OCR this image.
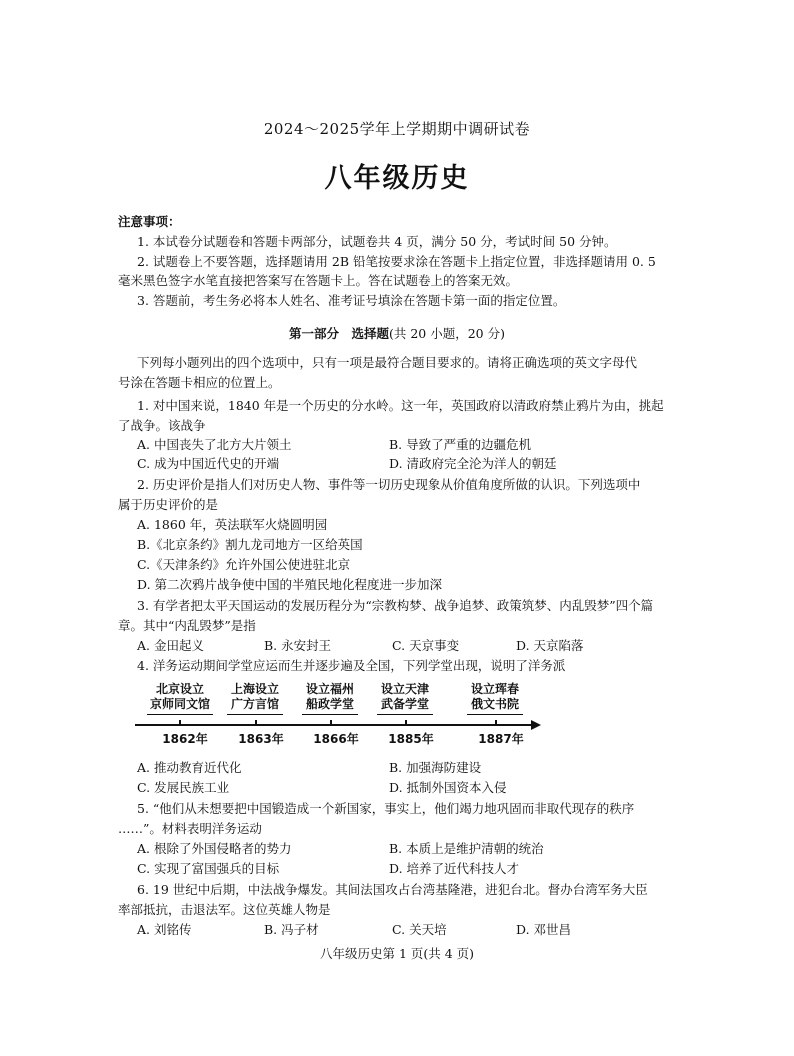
2024～2025学年上学期期中调研试卷
八年级历史
注意事项：
1. 本试卷分试题卷和答题卡两部分，试题卷共 4 页，满分 50 分，考试时间 50 分钟。
2. 试题卷上不要答题，选择题请用 2B 铅笔按要求涂在答题卡上指定位置，非选择题请用 0. 5
毫米黑色签字水笔直接把答案写在答题卡上。答在试题卷上的答案无效。
3. 答题前，考生务必将本人姓名、准考证号填涂在答题卡第一面的指定位置。
第一部分　选择题(共 20 小题，20 分)
下列每小题列出的四个选项中，只有一项是最符合题目要求的。请将正确选项的英文字母代
号涂在答题卡相应的位置上。
1. 对中国来说，1840 年是一个历史的分水岭。这一年，英国政府以清政府禁止鸦片为由，挑起
了战争。该战争
A. 中国丧失了北方大片领土	B. 导致了严重的边疆危机
C. 成为中国近代史的开端	D. 清政府完全沦为洋人的朝廷
2. 历史评价是指人们对历史人物、事件等一切历史现象从价值角度所做的认识。下列选项中
属于历史评价的是
A. 1860 年，英法联军火烧圆明园
B.《北京条约》割九龙司地方一区给英国
C.《天津条约》允许外国公使进驻北京
D. 第二次鸦片战争使中国的半殖民地化程度进一步加深
3. 有学者把太平天国运动的发展历程分为“宗教构梦、战争追梦、政策筑梦、内乱毁梦”四个篇
章。其中“内乱毁梦”是指
A. 金田起义	B. 永安封王	C. 天京事变	D. 天京陷落
4. 洋务运动期间学堂应运而生并逐步遍及全国，下列学堂出现，说明了洋务派
北京设立
京师同文馆
1862年
上海设立
广方言馆
1863年
设立福州
船政学堂
1866年
设立天津
武备学堂
1885年
设立珲春
俄文书院
1887年
A. 推动教育近代化	B. 加强海防建设
C. 发展民族工业	D. 抵制外国资本入侵
5. “他们从未想要把中国锻造成一个新国家，事实上，他们竭力地巩固而非取代现存的秩序
……”。材料表明洋务运动
A. 根除了外国侵略者的势力	B. 本质上是维护清朝的统治
C. 实现了富国强兵的目标	D. 培养了近代科技人才
6. 19 世纪中后期，中法战争爆发。其间法国攻占台湾基隆港，进犯台北。督办台湾军务大臣
率部抵抗，击退法军。这位英雄人物是
A. 刘铭传	B. 冯子材	C. 关天培	D. 邓世昌
八年级历史第 1 页(共 4 页)
